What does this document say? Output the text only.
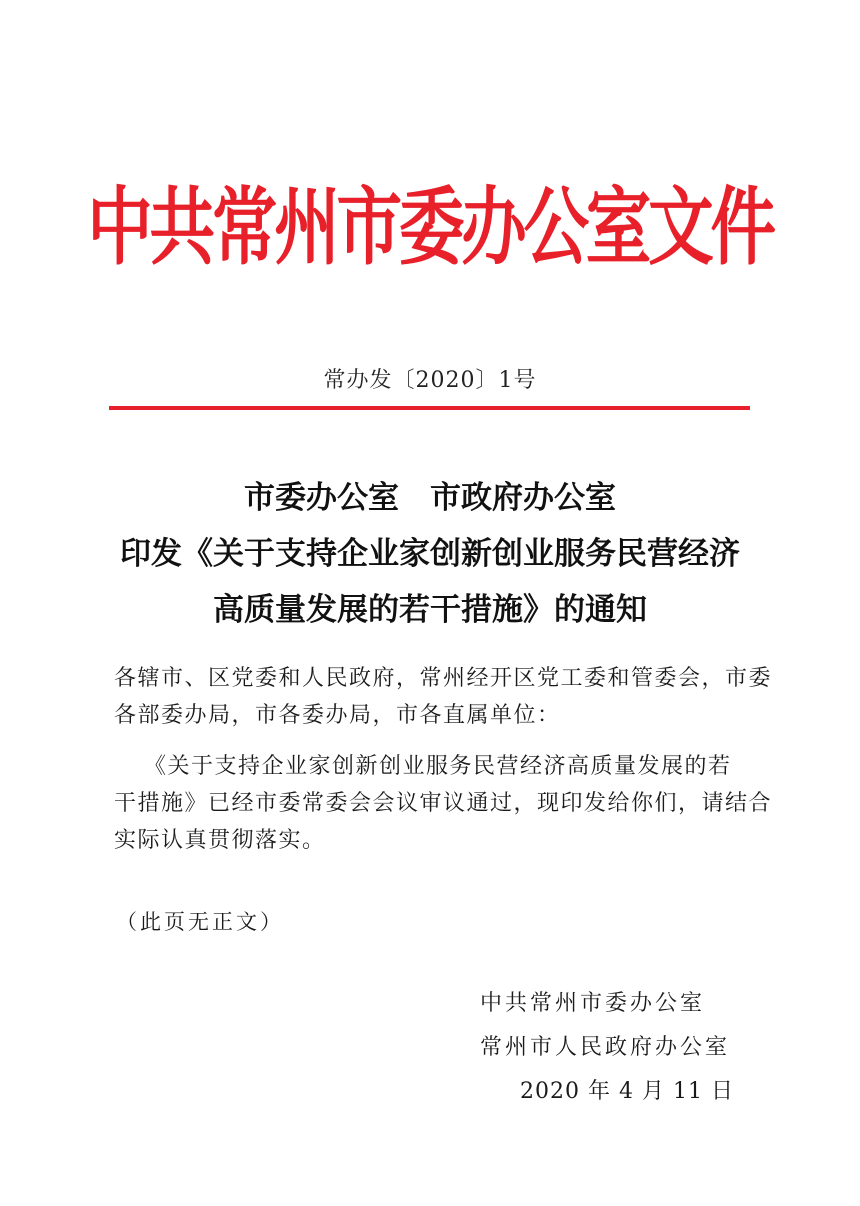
中共常州市委办公室文件
常办发〔2020〕1号
市委办公室　市政府办公室
印发《关于支持企业家创新创业服务民营经济
高质量发展的若干措施》的通知
各辖市、区党委和人民政府，常州经开区党工委和管委会，市委
各部委办局，市各委办局，市各直属单位：
《关于支持企业家创新创业服务民营经济高质量发展的若
干措施》已经市委常委会会议审议通过，现印发给你们，请结合
实际认真贯彻落实。
（此页无正文）
中共常州市委办公室
常州市人民政府办公室
2020 年 4 月 11 日
